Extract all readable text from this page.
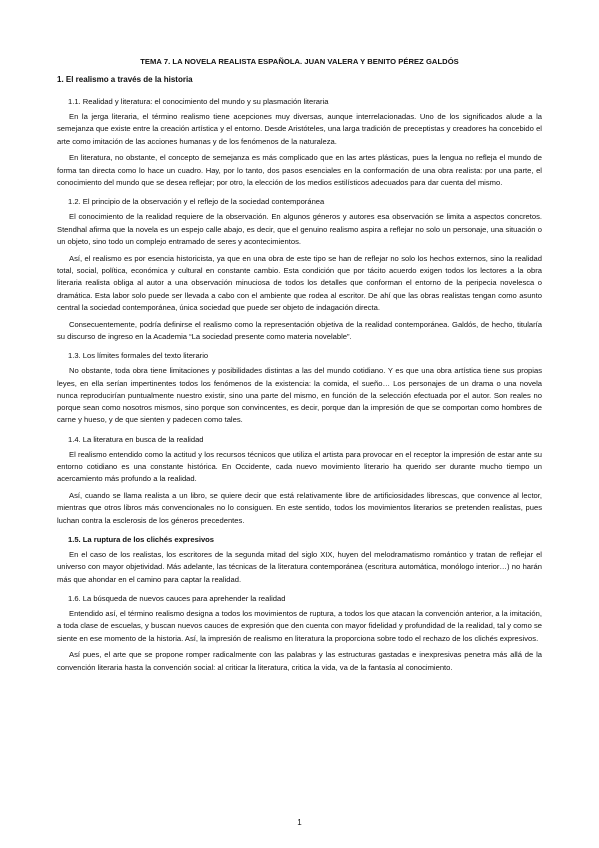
TEMA 7. LA NOVELA REALISTA ESPAÑOLA. JUAN VALERA Y BENITO PÉREZ GALDÓS
1. El realismo a través de la historia
1.1. Realidad y literatura: el conocimiento del mundo y su plasmación literaria

En la jerga literaria, el término realismo tiene acepciones muy diversas, aunque interrelacionadas. Uno de los significados alude a la semejanza que existe entre la creación artística y el entorno. Desde Aristóteles, una larga tradición de preceptistas y creadores ha concebido el arte como imitación de las acciones humanas y de los fenómenos de la naturaleza.

En literatura, no obstante, el concepto de semejanza es más complicado que en las artes plásticas, pues la lengua no refleja el mundo de forma tan directa como lo hace un cuadro. Hay, por lo tanto, dos pasos esenciales en la conformación de una obra realista: por una parte, el conocimiento del mundo que se desea reflejar; por otro, la elección de los medios estilísticos adecuados para dar cuenta del mismo.

1.2. El principio de la observación y el reflejo de la sociedad contemporánea

El conocimiento de la realidad requiere de la observación. En algunos géneros y autores esa observación se limita a aspectos concretos. Stendhal afirma que la novela es un espejo calle abajo, es decir, que el genuino realismo aspira a reflejar no solo un personaje, una situación o un objeto, sino todo un complejo entramado de seres y acontecimientos.

Así, el realismo es por esencia historicista, ya que en una obra de este tipo se han de reflejar no solo los hechos externos, sino la realidad total, social, política, económica y cultural en constante cambio. Esta condición que por tácito acuerdo exigen todos los lectores a la obra literaria realista obliga al autor a una observación minuciosa de todos los detalles que conforman el entorno de la peripecia novelesca o dramática. Esta labor solo puede ser llevada a cabo con el ambiente que rodea al escritor. De ahí que las obras realistas tengan como asunto central la sociedad contemporánea, única sociedad que puede ser objeto de indagación directa.

Consecuentemente, podría definirse el realismo como la representación objetiva de la realidad contemporánea. Galdós, de hecho, titularía su discurso de ingreso en la Academia “La sociedad presente como materia novelable”.

1.3. Los límites formales del texto literario

No obstante, toda obra tiene limitaciones y posibilidades distintas a las del mundo cotidiano. Y es que una obra artística tiene sus propias leyes, en ella serían impertinentes todos los fenómenos de la existencia: la comida, el sueño… Los personajes de un drama o una novela nunca reproducirían puntualmente nuestro existir, sino una parte del mismo, en función de la selección efectuada por el autor. Son reales no porque sean como nosotros mismos, sino porque son convincentes, es decir, porque dan la impresión de que se comportan como hombres de carne y hueso, y de que sienten y padecen como tales.

1.4. La literatura en busca de la realidad

El realismo entendido como la actitud y los recursos técnicos que utiliza el artista para provocar en el receptor la impresión de estar ante su entorno cotidiano es una constante histórica. En Occidente, cada nuevo movimiento literario ha querido ser durante mucho tiempo un acercamiento más profundo a la realidad.

Así, cuando se llama realista a un libro, se quiere decir que está relativamente libre de artificiosidades librescas, que convence al lector, mientras que otros libros más convencionales no lo consiguen. En este sentido, todos los movimientos literarios se pretenden realistas, pues luchan contra la esclerosis de los géneros precedentes.

1.5. La ruptura de los clichés expresivos

En el caso de los realistas, los escritores de la segunda mitad del siglo XIX, huyen del melodramatismo romántico y tratan de reflejar el universo con mayor objetividad. Más adelante, las técnicas de la literatura contemporánea (escritura automática, monólogo interior…) no harán más que ahondar en el camino para captar la realidad.

1.6. La búsqueda de nuevos cauces para aprehender la realidad

Entendido así, el término realismo designa a todos los movimientos de ruptura, a todos los que atacan la convención anterior, a la imitación, a toda clase de escuelas, y buscan nuevos cauces de expresión que den cuenta con mayor fidelidad y profundidad de la realidad, tal y como se siente en ese momento de la historia. Así, la impresión de realismo en literatura la proporciona sobre todo el rechazo de los clichés expresivos.

Así pues, el arte que se propone romper radicalmente con las palabras y las estructuras gastadas e inexpresivas penetra más allá de la convención literaria hasta la convención social: al criticar la literatura, critica la vida, va de la fantasía al conocimiento.

1
